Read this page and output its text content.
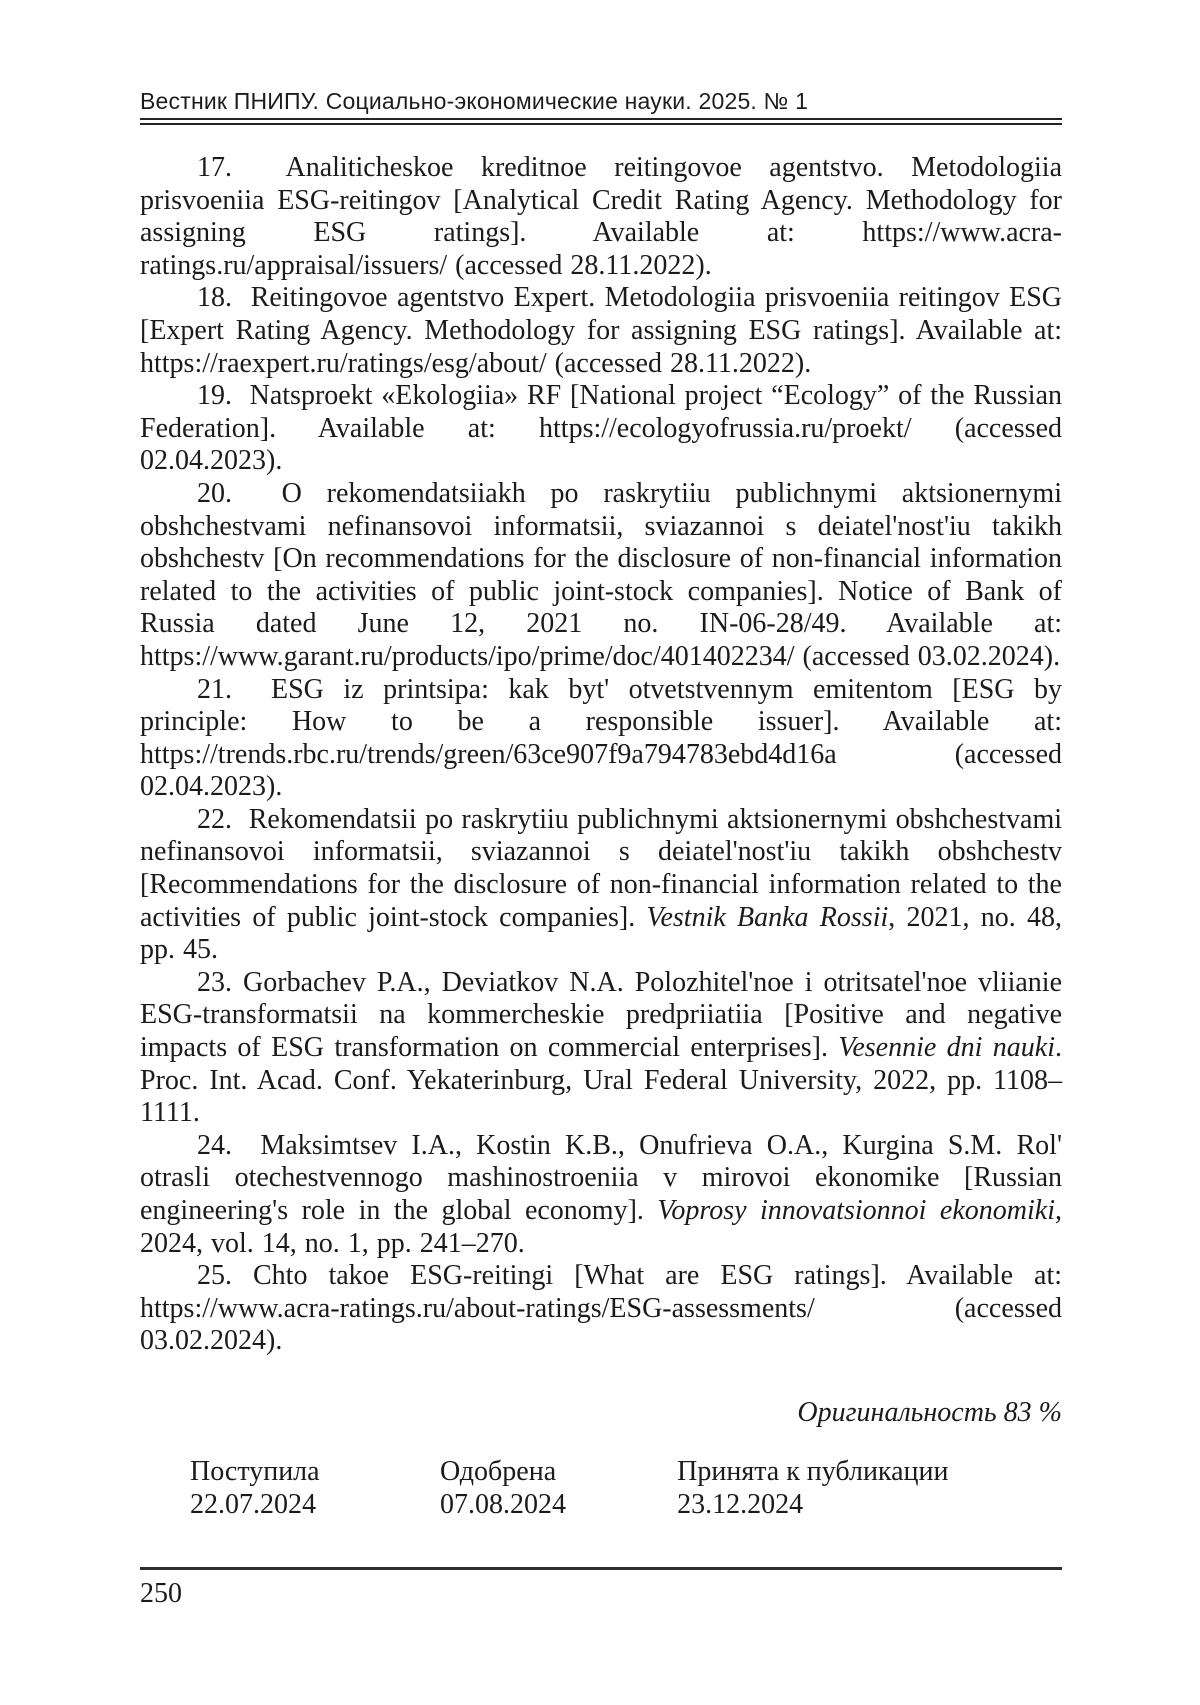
Вестник ПНИПУ. Социально-экономические науки. 2025. № 1

17.  Analiticheskoe kreditnoe reitingovoe agentstvo. Metodologiia prisvoeniia ESG-reitingov [Analytical Credit Rating Agency. Methodology for assigning ESG ratings]. Available at: https://www.acra-ratings.ru/appraisal/issuers/ (accessed 28.11.2022).

18.  Reitingovoe agentstvo Expert. Metodologiia prisvoeniia reitingov ESG [Expert Rating Agency. Methodology for assigning ESG ratings]. Available at: https://raexpert.ru/ratings/esg/about/ (accessed 28.11.2022).

19.  Natsproekt «Ekologiia» RF [National project “Ecology” of the Russian Federation]. Available at: https://ecologyofrussia.ru/proekt/ (accessed 02.04.2023).

20.  O rekomendatsiiakh po raskrytiiu publichnymi aktsionernymi obshchestvami nefinansovoi informatsii, sviazannoi s deiatel'nost'iu takikh obshchestv [On recommendations for the disclosure of non-financial information related to the activities of public joint-stock companies]. Notice of Bank of Russia dated June 12, 2021 no. IN-06-28/49. Available at: https://www.garant.ru/products/ipo/prime/doc/401402234/ (accessed 03.02.2024).

21.  ESG iz printsipa: kak byt' otvetstvennym emitentom [ESG by principle: How to be a responsible issuer]. Available at: https://trends.rbc.ru/trends/green/63ce907f9a794783ebd4d16a (accessed 02.04.2023).

22.  Rekomendatsii po raskrytiiu publichnymi aktsionernymi obshchestvami nefinansovoi informatsii, sviazannoi s deiatel'nost'iu takikh obshchestv [Recommendations for the disclosure of non-financial information related to the activities of public joint-stock companies]. Vestnik Banka Rossii, 2021, no. 48, pp. 45.

23. Gorbachev P.A., Deviatkov N.A. Polozhitel'noe i otritsatel'noe vliianie ESG-transformatsii na kommercheskie predpriiatiia [Positive and negative impacts of ESG transformation on commercial enterprises]. Vesennie dni nauki. Proc. Int. Acad. Conf. Yekaterinburg, Ural Federal University, 2022, pp. 1108–1111.

24.  Maksimtsev I.A., Kostin K.B., Onufrieva O.A., Kurgina S.M. Rol' otrasli otechestvennogo mashinostroeniia v mirovoi ekonomike [Russian engineering's role in the global economy]. Voprosy innovatsionnoi ekonomiki, 2024, vol. 14, no. 1, pp. 241–270.

25. Chto takoe ESG-reitingi [What are ESG ratings]. Available at: https://www.acra-ratings.ru/about-ratings/ESG-assessments/ (accessed 03.02.2024).

Оригинальность 83 %

Поступила 22.07.2024
Одобрена 07.08.2024
Принята к публикации 23.12.2024
250
